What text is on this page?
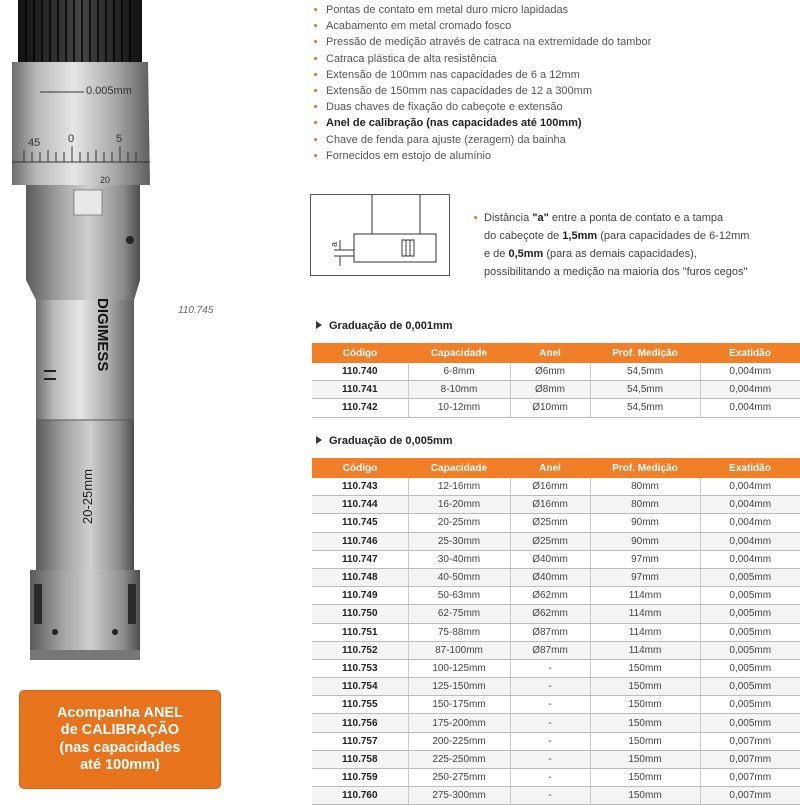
0.005mm
45	0	5
20
DIGIMESS
20-25mm
110.745
Acompanha ANEL
de CALIBRAÇÃO
(nas capacidades
até 100mm)
Pontas de contato em metal duro micro lapidadas
Acabamento em metal cromado fosco
Pressão de medição através de catraca na extremidade do tambor
Catraca plástica de alta resistência
Extensão de 100mm nas capacidades de 6 a 12mm
Extensão de 150mm nas capacidades de 12 a 300mm
Duas chaves de fixação do cabeçote e extensão
Anel de calibração (nas capacidades até 100mm)
Chave de fenda para ajuste (zeragem) da bainha
Fornecidos em estojo de alumínio
a
Distância "a" entre a ponta de contato e a tampa
do cabeçote de 1,5mm (para capacidades de 6-12mm
e de 0,5mm (para as demais capacidades),
possibilitando a medição na maioria dos "furos cegos"
Graduação de 0,001mm
Código	Capacidade	Anel	Prof. Medição	Exatidão
110.740	6-8mm	Ø6mm	54,5mm	0,004mm
110.741	8-10mm	Ø8mm	54,5mm	0,004mm
110.742	10-12mm	Ø10mm	54,5mm	0,004mm
Graduação de 0,005mm
Código	Capacidade	Anel	Prof. Medição	Exatidão
110.743	12-16mm	Ø16mm	80mm	0,004mm
110.744	16-20mm	Ø16mm	80mm	0,004mm
110.745	20-25mm	Ø25mm	90mm	0,004mm
110.746	25-30mm	Ø25mm	90mm	0,004mm
110.747	30-40mm	Ø40mm	97mm	0,004mm
110.748	40-50mm	Ø40mm	97mm	0,005mm
110.749	50-63mm	Ø62mm	114mm	0,005mm
110.750	62-75mm	Ø62mm	114mm	0,005mm
110.751	75-88mm	Ø87mm	114mm	0,005mm
110.752	87-100mm	Ø87mm	114mm	0,005mm
110.753	100-125mm	-	150mm	0,005mm
110.754	125-150mm	-	150mm	0,005mm
110.755	150-175mm	-	150mm	0,005mm
110.756	175-200mm	-	150mm	0,005mm
110.757	200-225mm	-	150mm	0,007mm
110.758	225-250mm	-	150mm	0,007mm
110.759	250-275mm	-	150mm	0,007mm
110.760	275-300mm	-	150mm	0,007mm
